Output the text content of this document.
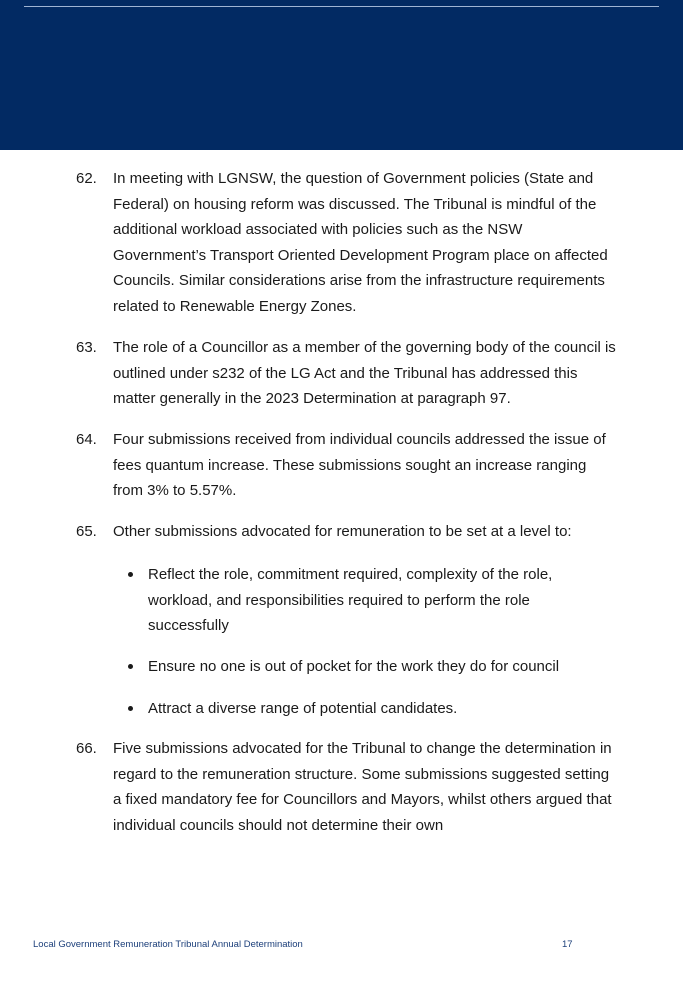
62.	In meeting with LGNSW, the question of Government policies (State and Federal) on housing reform was discussed. The Tribunal is mindful of the additional workload associated with policies such as the NSW Government’s Transport Oriented Development Program place on affected Councils. Similar considerations arise from the infrastructure requirements related to Renewable Energy Zones.
63.	The role of a Councillor as a member of the governing body of the council is outlined under s232 of the LG Act and the Tribunal has addressed this matter generally in the 2023 Determination at paragraph 97.
64.	Four submissions received from individual councils addressed the issue of fees quantum increase. These submissions sought an increase ranging from 3% to 5.57%.
65.	Other submissions advocated for remuneration to be set at a level to:
Reflect the role, commitment required, complexity of the role, workload, and responsibilities required to perform the role successfully
Ensure no one is out of pocket for the work they do for council
Attract a diverse range of potential candidates.
66.	Five submissions advocated for the Tribunal to change the determination in regard to the remuneration structure. Some submissions suggested setting a fixed mandatory fee for Councillors and Mayors, whilst others argued that individual councils should not determine their own
Local Government Remuneration Tribunal Annual Determination	17
